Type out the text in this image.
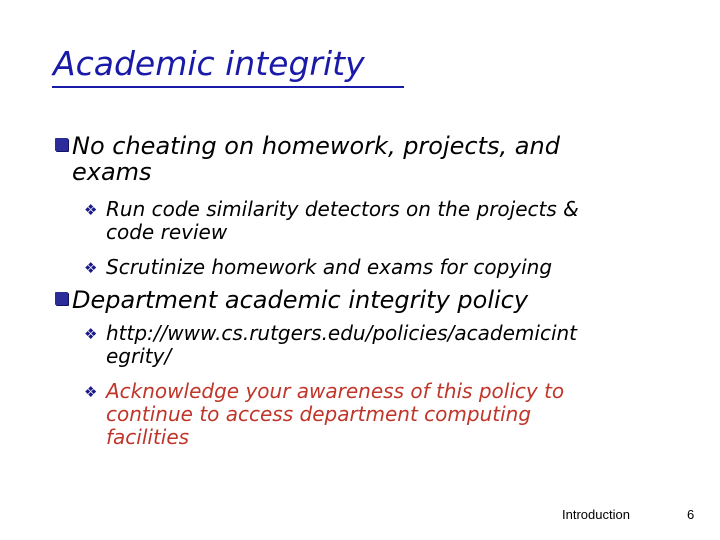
Academic integrity
No cheating on homework, projects, and
exams
❖ Run code similarity detectors on the projects &
code review
❖ Scrutinize homework and exams for copying
Department academic integrity policy
❖ http://www.cs.rutgers.edu/policies/academicint
egrity/
❖ Acknowledge your awareness of this policy to
continue to access department computing
facilities
Introduction	6
